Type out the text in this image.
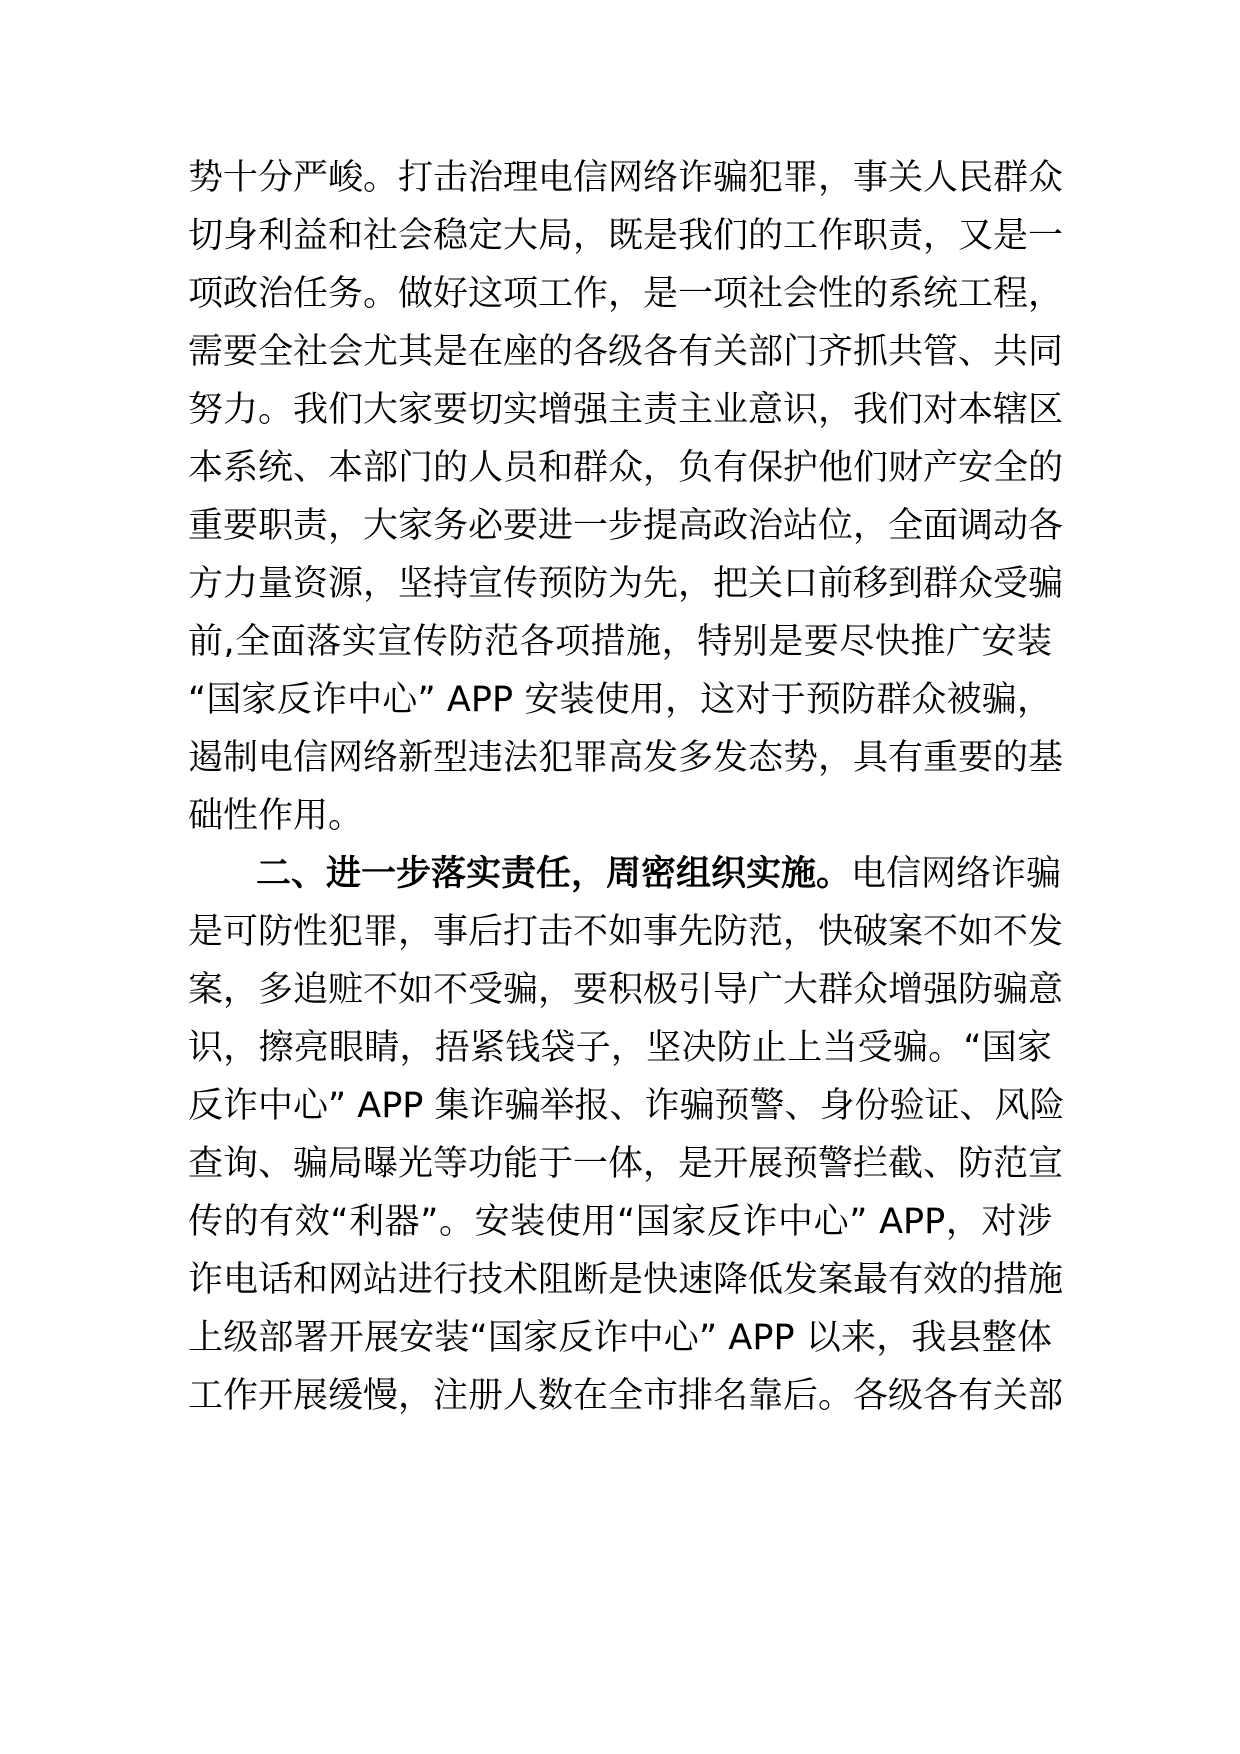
势十分严峻。打击治理电信网络诈骗犯罪，事关人民群众
切身利益和社会稳定大局，既是我们的工作职责，又是一
项政治任务。做好这项工作，是一项社会性的系统工程，
需要全社会尤其是在座的各级各有关部门齐抓共管、共同
努力。我们大家要切实增强主责主业意识，我们对本辖区
本系统、本部门的人员和群众，负有保护他们财产安全的
重要职责，大家务必要进一步提高政治站位，全面调动各
方力量资源，坚持宣传预防为先，把关口前移到群众受骗
前,全面落实宣传防范各项措施，特别是要尽快推广安装
“国家反诈中心” APP 安装使用，这对于预防群众被骗，
遏制电信网络新型违法犯罪高发多发态势，具有重要的基
础性作用。
二、进一步落实责任，周密组织实施。电信网络诈骗
是可防性犯罪，事后打击不如事先防范，快破案不如不发
案，多追赃不如不受骗，要积极引导广大群众增强防骗意
识，擦亮眼睛，捂紧钱袋子，坚决防止上当受骗。“国家
反诈中心” APP 集诈骗举报、诈骗预警、身份验证、风险
查询、骗局曝光等功能于一体，是开展预警拦截、防范宣
传的有效“利器”。安装使用“国家反诈中心” APP，对涉
诈电话和网站进行技术阻断是快速降低发案最有效的措施
上级部署开展安装“国家反诈中心” APP 以来，我县整体
工作开展缓慢，注册人数在全市排名靠后。各级各有关部
